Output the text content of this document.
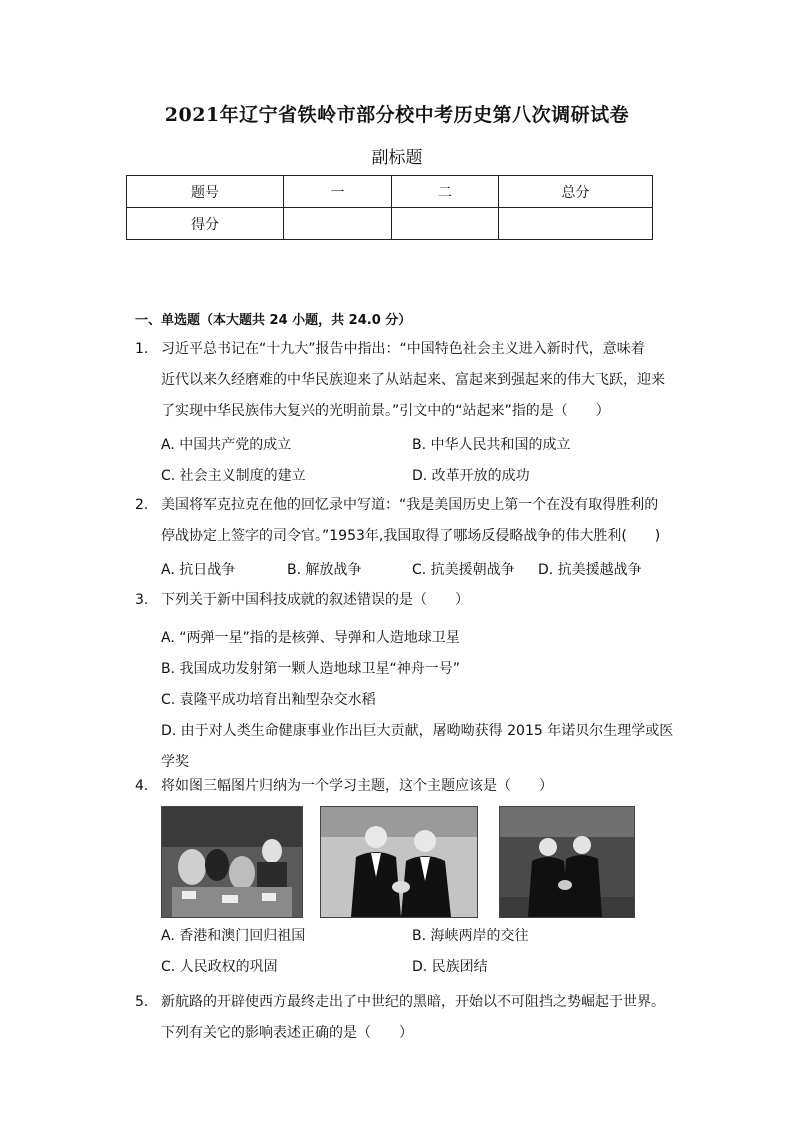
2021年辽宁省铁岭市部分校中考历史第八次调研试卷
副标题
题号	一	二	总分
得分			
一、单选题（本大题共 24 小题，共 24.0 分）
1. 习近平总书记在“十九大”报告中指出：“中国特色社会主义进入新时代，意味着
近代以来久经磨难的中华民族迎来了从站起来、富起来到强起来的伟大飞跃，迎来
了实现中华民族伟大复兴的光明前景。”引文中的“站起来”指的是（　　）
A. 中国共产党的成立	B. 中华人民共和国的成立
C. 社会主义制度的建立	D. 改革开放的成功
2. 美国将军克拉克在他的回忆录中写道：“我是美国历史上第一个在没有取得胜利的
停战协定上签字的司令官。”1953年,我国取得了哪场反侵略战争的伟大胜利(　　)
A. 抗日战争	B. 解放战争	C. 抗美援朝战争 D. 抗美援越战争
3. 下列关于新中国科技成就的叙述错误的是（　　）
A. “两弹一星”指的是核弹、导弹和人造地球卫星
B. 我国成功发射第一颗人造地球卫星“神舟一号”
C. 袁隆平成功培育出籼型杂交水稻
D. 由于对人类生命健康事业作出巨大贡献，屠呦呦获得 2015 年诺贝尔生理学或医
学奖
4. 将如图三幅图片归纳为一个学习主题，这个主题应该是（　　）
A. 香港和澳门回归祖国	B. 海峡两岸的交往
C. 人民政权的巩固	D. 民族团结
5. 新航路的开辟使西方最终走出了中世纪的黑暗，开始以不可阻挡之势崛起于世界。
下列有关它的影响表述正确的是（　　）
